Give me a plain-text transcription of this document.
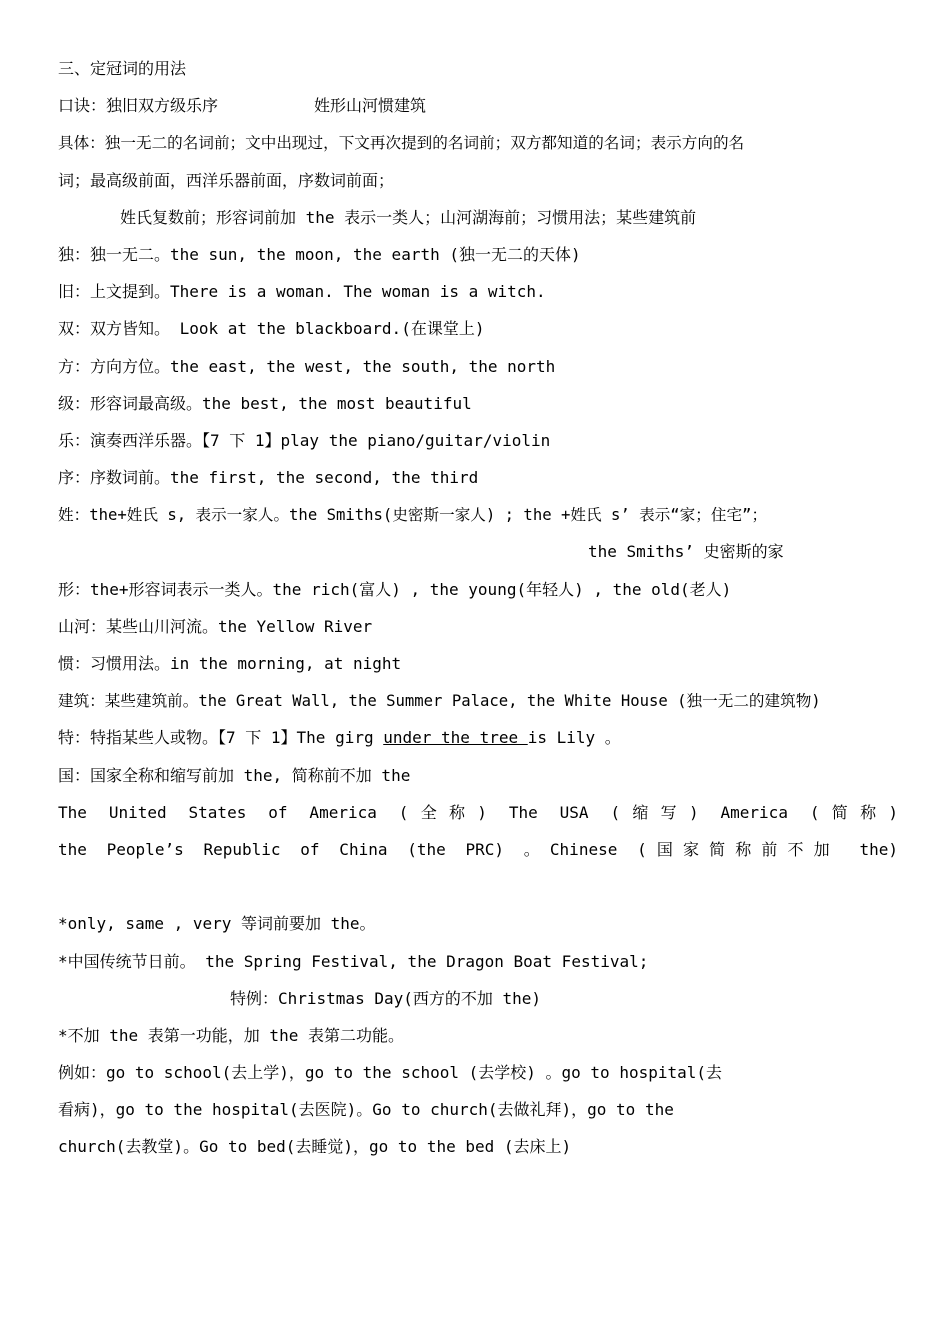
三、定冠词的用法
口诀：独旧双方级乐序	姓形山河惯建筑
具体：独一无二的名词前；文中出现过，下文再次提到的名词前；双方都知道的名词；表示方向的名
词；最高级前面，西洋乐器前面，序数词前面；
姓氏复数前；形容词前加 the 表示一类人；山河湖海前；习惯用法；某些建筑前
独：独一无二。the sun, the moon, the earth (独一无二的天体)
旧：上文提到。There is a woman. The woman is a witch.
双：双方皆知。 Look at the blackboard.(在课堂上)
方：方向方位。the east, the west, the south, the north
级：形容词最高级。the best, the most beautiful
乐：演奏西洋乐器。【7 下 1】play the piano/guitar/violin
序：序数词前。the first, the second, the third
姓：the+姓氏 s, 表示一家人。the Smiths(史密斯一家人) ; the +姓氏 s’ 表示“家；住宅”；
the Smiths’ 史密斯的家
形：the+形容词表示一类人。the rich(富人) , the young(年轻人) , the old(老人)
山河：某些山川河流。the Yellow River
惯：习惯用法。in the morning, at night
建筑：某些建筑前。the Great Wall, the Summer Palace, the White House (独一无二的建筑物)
特：特指某些人或物。【7 下 1】The girg under the tree is Lily 。
国：国家全称和缩写前加 the, 简称前不加 the
The United States of America (全称) The USA (缩写) America (简称)
the People’s Republic of China (the PRC) 。Chinese (国家简称前不加 the)
*only, same , very 等词前要加 the。
*中国传统节日前。 the Spring Festival, the Dragon Boat Festival;
特例：Christmas Day(西方的不加 the)
*不加 the 表第一功能，加 the 表第二功能。
例如：go to school(去上学)，go to the school (去学校) 。go to hospital(去
看病)，go to the hospital(去医院)。Go to church(去做礼拜)，go to the
church(去教堂)。Go to bed(去睡觉)，go to the bed (去床上)
